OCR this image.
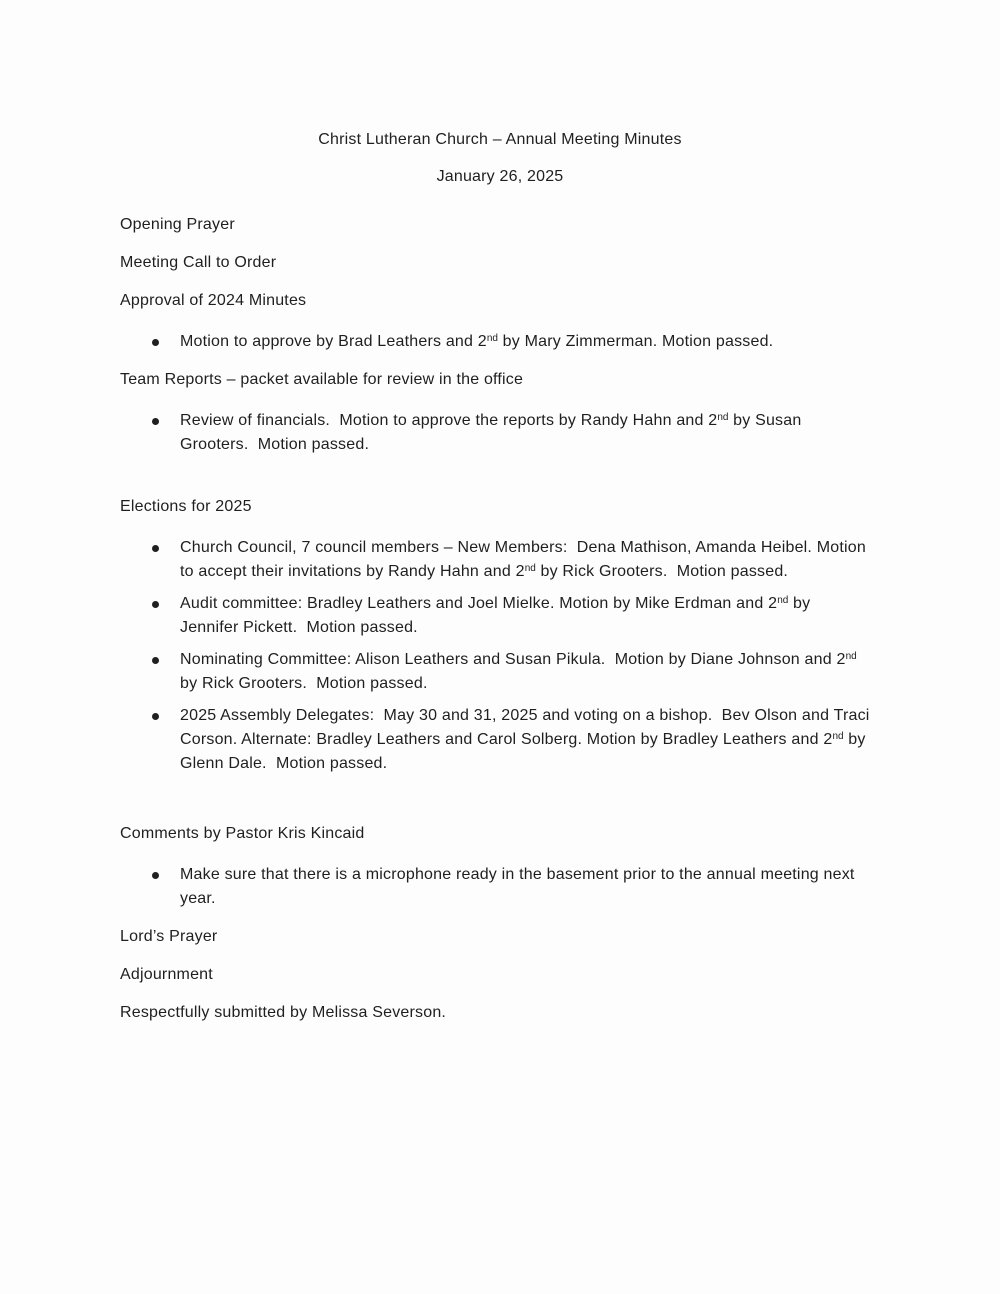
Christ Lutheran Church – Annual Meeting Minutes
January 26, 2025
Opening Prayer
Meeting Call to Order
Approval of 2024 Minutes
Motion to approve by Brad Leathers and 2nd by Mary Zimmerman. Motion passed.
Team Reports – packet available for review in the office
Review of financials.  Motion to approve the reports by Randy Hahn and 2nd by Susan Grooters.  Motion passed.
Elections for 2025
Church Council, 7 council members – New Members:  Dena Mathison, Amanda Heibel. Motion to accept their invitations by Randy Hahn and 2nd by Rick Grooters.  Motion passed.
Audit committee: Bradley Leathers and Joel Mielke. Motion by Mike Erdman and 2nd by Jennifer Pickett.  Motion passed.
Nominating Committee: Alison Leathers and Susan Pikula.  Motion by Diane Johnson and 2nd by Rick Grooters.  Motion passed.
2025 Assembly Delegates:  May 30 and 31, 2025 and voting on a bishop.  Bev Olson and Traci Corson. Alternate: Bradley Leathers and Carol Solberg. Motion by Bradley Leathers and 2nd by Glenn Dale.  Motion passed.
Comments by Pastor Kris Kincaid
Make sure that there is a microphone ready in the basement prior to the annual meeting next year.
Lord’s Prayer
Adjournment
Respectfully submitted by Melissa Severson.
